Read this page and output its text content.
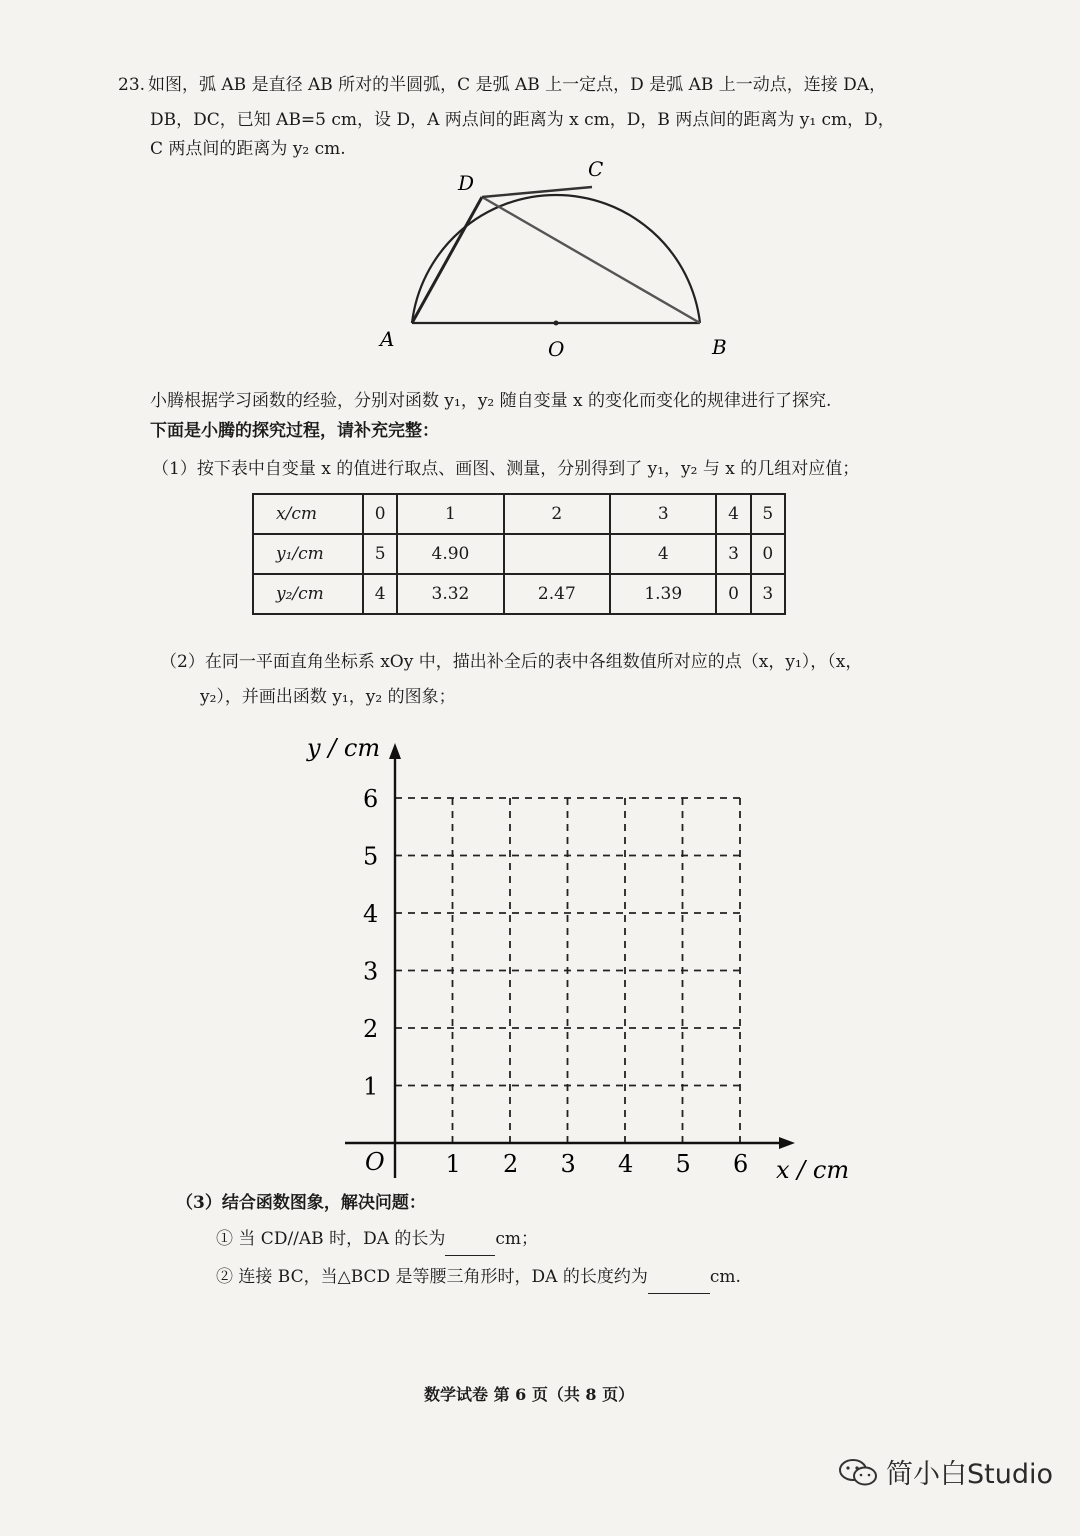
23. 如图，弧 AB 是直径 AB 所对的半圆弧，C 是弧 AB 上一定点，D 是弧 AB 上一动点，连接 DA，
DB，DC，已知 AB=5 cm，设 D，A 两点间的距离为 x cm，D，B 两点间的距离为 y₁ cm，D，
C 两点间的距离为 y₂ cm.
A	B
C
D
O
小腾根据学习函数的经验，分别对函数 y₁，y₂ 随自变量 x 的变化而变化的规律进行了探究.
下面是小腾的探究过程，请补充完整：
（1）按下表中自变量 x 的值进行取点、画图、测量，分别得到了 y₁，y₂ 与 x 的几组对应值；
x/cm	0	1	2	3	4	5
y₁/cm	5	4.90		4	3	0
y₂/cm	4	3.32	2.47	1.39	0	3
（2）在同一平面直角坐标系 xOy 中，描出补全后的表中各组数值所对应的点（x，y₁），（x，
y₂），并画出函数 y₁，y₂ 的图象；
1 2 3 4 5 6
1
2
3
4
5
6
y / cm
x / cm
O
（3）结合函数图象，解决问题：
① 当 CD//AB 时，DA 的长为	cm；
② 连接 BC，当△BCD 是等腰三角形时，DA 的长度约为	cm.
数学试卷 第 6 页（共 8 页）
简小白Studio
